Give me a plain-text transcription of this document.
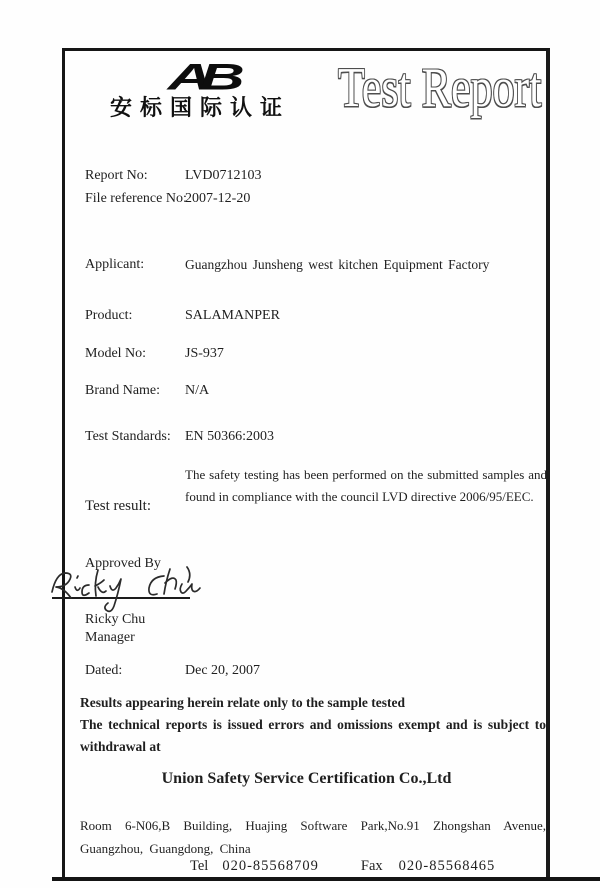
AB
安标国际认证 Test Report
Report No:	LVD0712103
File reference No:
2007-12-20
Applicant:	Guangzhou Junsheng west kitchen Equipment Factory
Product:	SALAMANPER
Model No:	JS-937
Brand Name: N/A
Test Standards: EN 50366:2003
Test result:
The safety testing has been performed on the submitted samples and found in compliance with the council LVD directive 2006/95/EEC.
Approved By
Ricky Chu
Manager
Dated:	Dec 20, 2007
Results appearing herein relate only to the sample tested
The technical reports is issued errors and omissions exempt and is subject to withdrawal at
Union Safety Service Certification Co.,Ltd
Room 6-N06,B Building, Huajing Software Park,No.91 Zhongshan Avenue, Guangzhou, Guangdong, China
Tel 020-85568709	Fax 020-85568465
